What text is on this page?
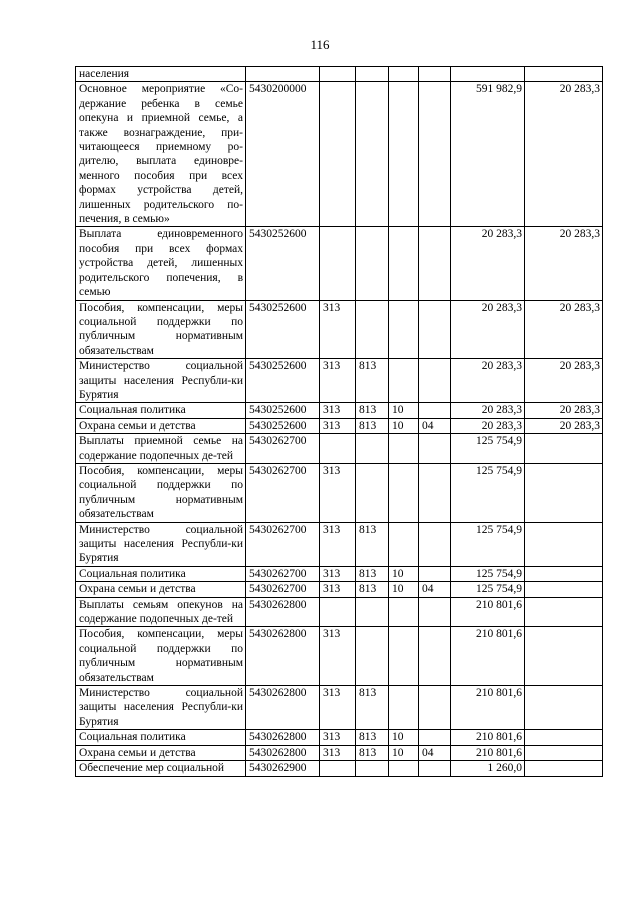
116
населения							
Основное мероприятие «Со-держание ребенка в семье опекуна и приемной семье, а также вознаграждение, при-читающееся приемному ро-дителю, выплата единовре-менного пособия при всех формах устройства детей, лишенных родительского по-печения, в семью»	5430200000					591 982,9	20 283,3
Выплата единовременного пособия при всех формах устройства детей, лишенных родительского попечения, в семью	5430252600					20 283,3	20 283,3
Пособия, компенсации, меры социальной поддержки по публичным нормативным обязательствам	5430252600	313				20 283,3	20 283,3
Министерство социальной защиты населения Республи-ки Бурятия	5430252600	313	813			20 283,3	20 283,3
Социальная политика	5430252600	313	813	10		20 283,3	20 283,3
Охрана семьи и детства	5430252600	313	813	10	04	20 283,3	20 283,3
Выплаты приемной семье на содержание подопечных де-тей	5430262700					125 754,9	
Пособия, компенсации, меры социальной поддержки по публичным нормативным обязательствам	5430262700	313				125 754,9	
Министерство социальной защиты населения Республи-ки Бурятия	5430262700	313	813			125 754,9	
Социальная политика	5430262700	313	813	10		125 754,9	
Охрана семьи и детства	5430262700	313	813	10	04	125 754,9	
Выплаты семьям опекунов на содержание подопечных де-тей	5430262800					210 801,6	
Пособия, компенсации, меры социальной поддержки по публичным нормативным обязательствам	5430262800	313				210 801,6	
Министерство социальной защиты населения Республи-ки Бурятия	5430262800	313	813			210 801,6	
Социальная политика	5430262800	313	813	10		210 801,6	
Охрана семьи и детства	5430262800	313	813	10	04	210 801,6	
Обеспечение мер социальной	5430262900					1 260,0	
